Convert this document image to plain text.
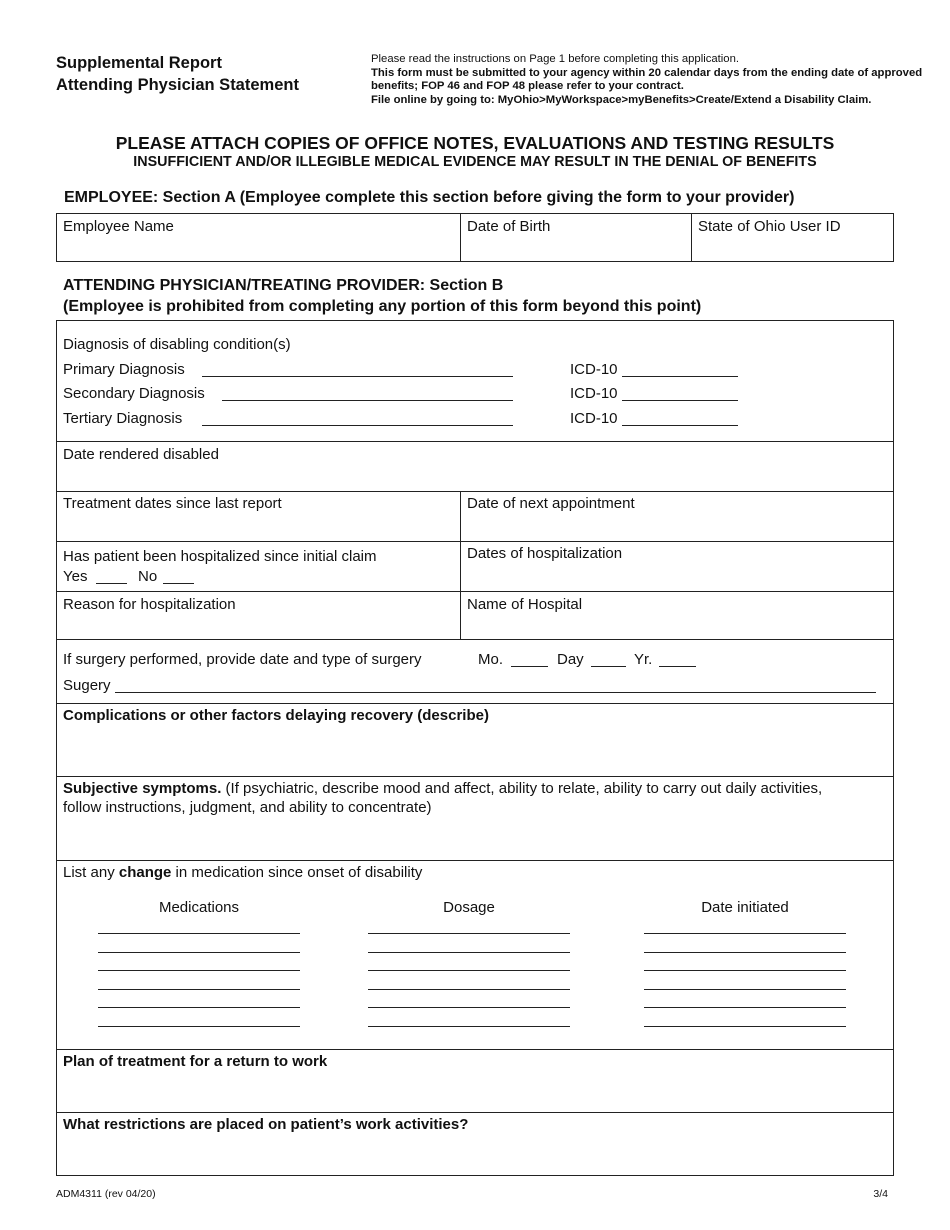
Supplemental Report
Attending Physician Statement
Please read the instructions on Page 1 before completing this application.
This form must be submitted to your agency within 20 calendar days from the ending date of approved benefits; FOP 46 and FOP 48 please refer to your contract.
File online by going to: MyOhio>MyWorkspace>myBenefits>Create/Extend a Disability Claim.
PLEASE ATTACH COPIES OF OFFICE NOTES, EVALUATIONS AND TESTING RESULTS
INSUFFICIENT AND/OR ILLEGIBLE MEDICAL EVIDENCE MAY RESULT IN THE DENIAL OF BENEFITS
EMPLOYEE: Section A (Employee complete this section before giving the form to your provider)
Employee Name	Date of Birth	State of Ohio User ID
ATTENDING PHYSICIAN/TREATING PROVIDER: Section B
(Employee is prohibited from completing any portion of this form beyond this point)
Diagnosis of disabling condition(s)
Primary Diagnosis	ICD-10
Secondary Diagnosis	ICD-10
Tertiary Diagnosis	ICD-10
Date rendered disabled
Treatment dates since last report	Date of next appointment
Has patient been hospitalized since initial claim
Yes	No
Dates of hospitalization
Reason for hospitalization	Name of Hospital
If surgery performed, provide date and type of surgery	Mo.	Day	Yr.
Sugery
Complications or other factors delaying recovery (describe)
Subjective symptoms. (If psychiatric, describe mood and affect, ability to relate, ability to carry out daily activities, follow instructions, judgment, and ability to concentrate)
List any change in medication since onset of disability
Medications	Dosage	Date initiated
Plan of treatment for a return to work
What restrictions are placed on patient’s work activities?
ADM4311 (rev 04/20)	3/4
